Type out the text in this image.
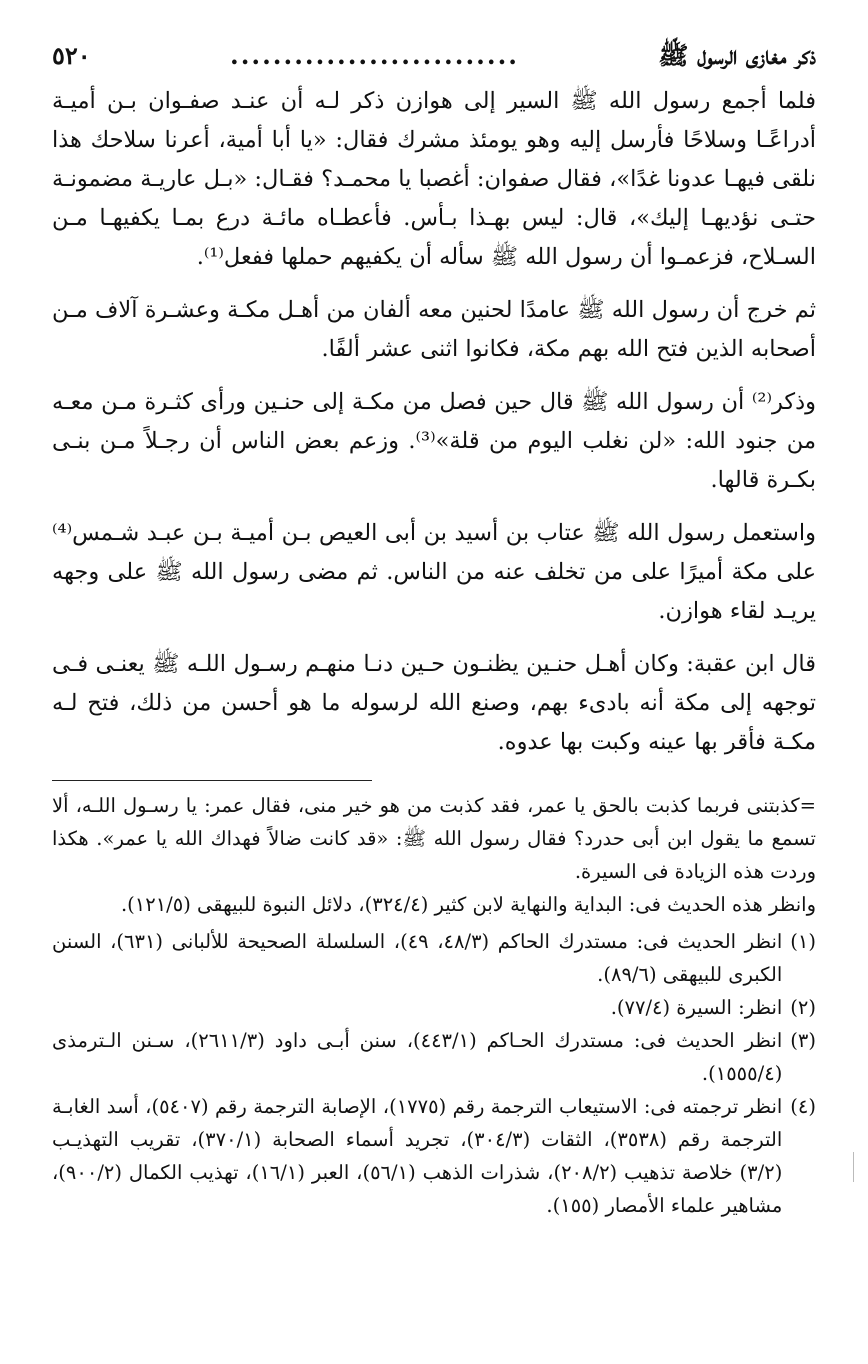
ذكر مغازى الرسول ﷺ
...........................
٥٢٠

فلما أجمع رسول الله ﷺ السير إلى هوازن ذكر لـه أن عنـد صفـوان بـن أميـة أدراعًـا وسلاحًا فأرسل إليه وهو يومئذ مشرك فقال: «يا أبا أمية، أعرنا سلاحك هذا نلقى فيهـا عدونا غدًا»، فقال صفوان: أغصبا يا محمـد؟ فقـال: «بـل عاريـة مضمونـة حتـى نؤديهـا إليك»، قال: ليس بهـذا بـأس. فأعطـاه مائـة درع بمـا يكفيهـا مـن السـلاح، فزعمـوا أن رسول الله ﷺ سأله أن يكفيهم حملها ففعل⁽¹⁾.

ثم خرج أن رسول الله ﷺ عامدًا لحنين معه ألفان من أهـل مكـة وعشـرة آلاف مـن أصحابه الذين فتح الله بهم مكة، فكانوا اثنى عشر ألفًا.

وذكر⁽²⁾ أن رسول الله ﷺ قال حين فصل من مكـة إلى حنـين ورأى كثـرة مـن معـه من جنود الله: «لن نغلب اليوم من قلة»⁽³⁾. وزعم بعض الناس أن رجـلاً مـن بنـى بكـرة قالها.

واستعمل رسول الله ﷺ عتاب بن أسيد بن أبى العيص بـن أميـة بـن عبـد شـمس⁽⁴⁾ على مكة أميرًا على من تخلف عنه من الناس. ثم مضى رسول الله ﷺ على وجهه يريـد لقاء هوازن.

قال ابن عقبة: وكان أهـل حنـين يظنـون حـين دنـا منهـم رسـول اللـه ﷺ يعنـى فـى توجهه إلى مكة أنه بادىء بهم، وصنع الله لرسوله ما هو أحسن من ذلك، فتح لـه مكـة فأقر بها عينه وكبت بها عدوه.

=كذبتنى فربما كذبت بالحق يا عمر، فقد كذبت من هو خير منى، فقال عمر: يا رسـول اللـه، ألا تسمع ما يقول ابن أبى حدرد؟ فقال رسول الله ﷺ: «قد كانت ضالاً فهداك الله يا عمر». هكذا وردت هذه الزيادة فى السيرة.

وانظر هذه الحديث فى: البداية والنهاية لابن كثير (٣٢٤/٤)، دلائل النبوة للبيهقى (١٢١/٥).

(١)
انظر الحديث فى: مستدرك الحاكم (٤٨/٣، ٤٩)، السلسلة الصحيحة للألبانى (٦٣١)، السنن الكبرى للبيهقى (٨٩/٦).
(٢)
انظر: السيرة (٧٧/٤).
(٣)
انظر الحديث فى: مستدرك الحـاكم (٤٤٣/١)، سنن أبـى داود (٢٦١١/٣)، سـنن الـترمذى (١٥٥٥/٤).
(٤)
انظر ترجمته فى: الاستيعاب الترجمة رقم (١٧٧٥)، الإصابة الترجمة رقم (٥٤٠٧)، أسد الغابـة الترجمة رقم (٣٥٣٨)، الثقات (٣٠٤/٣)، تجريد أسماء الصحابة (٣٧٠/١)، تقريب التهذيـب (٣/٢) خلاصة تذهيب (٢٠٨/٢)، شذرات الذهب (٥٦/١)، العبر (١٦/١)، تهذيب الكمال (٩٠٠/٢)، مشاهير علماء الأمصار (١٥٥).
